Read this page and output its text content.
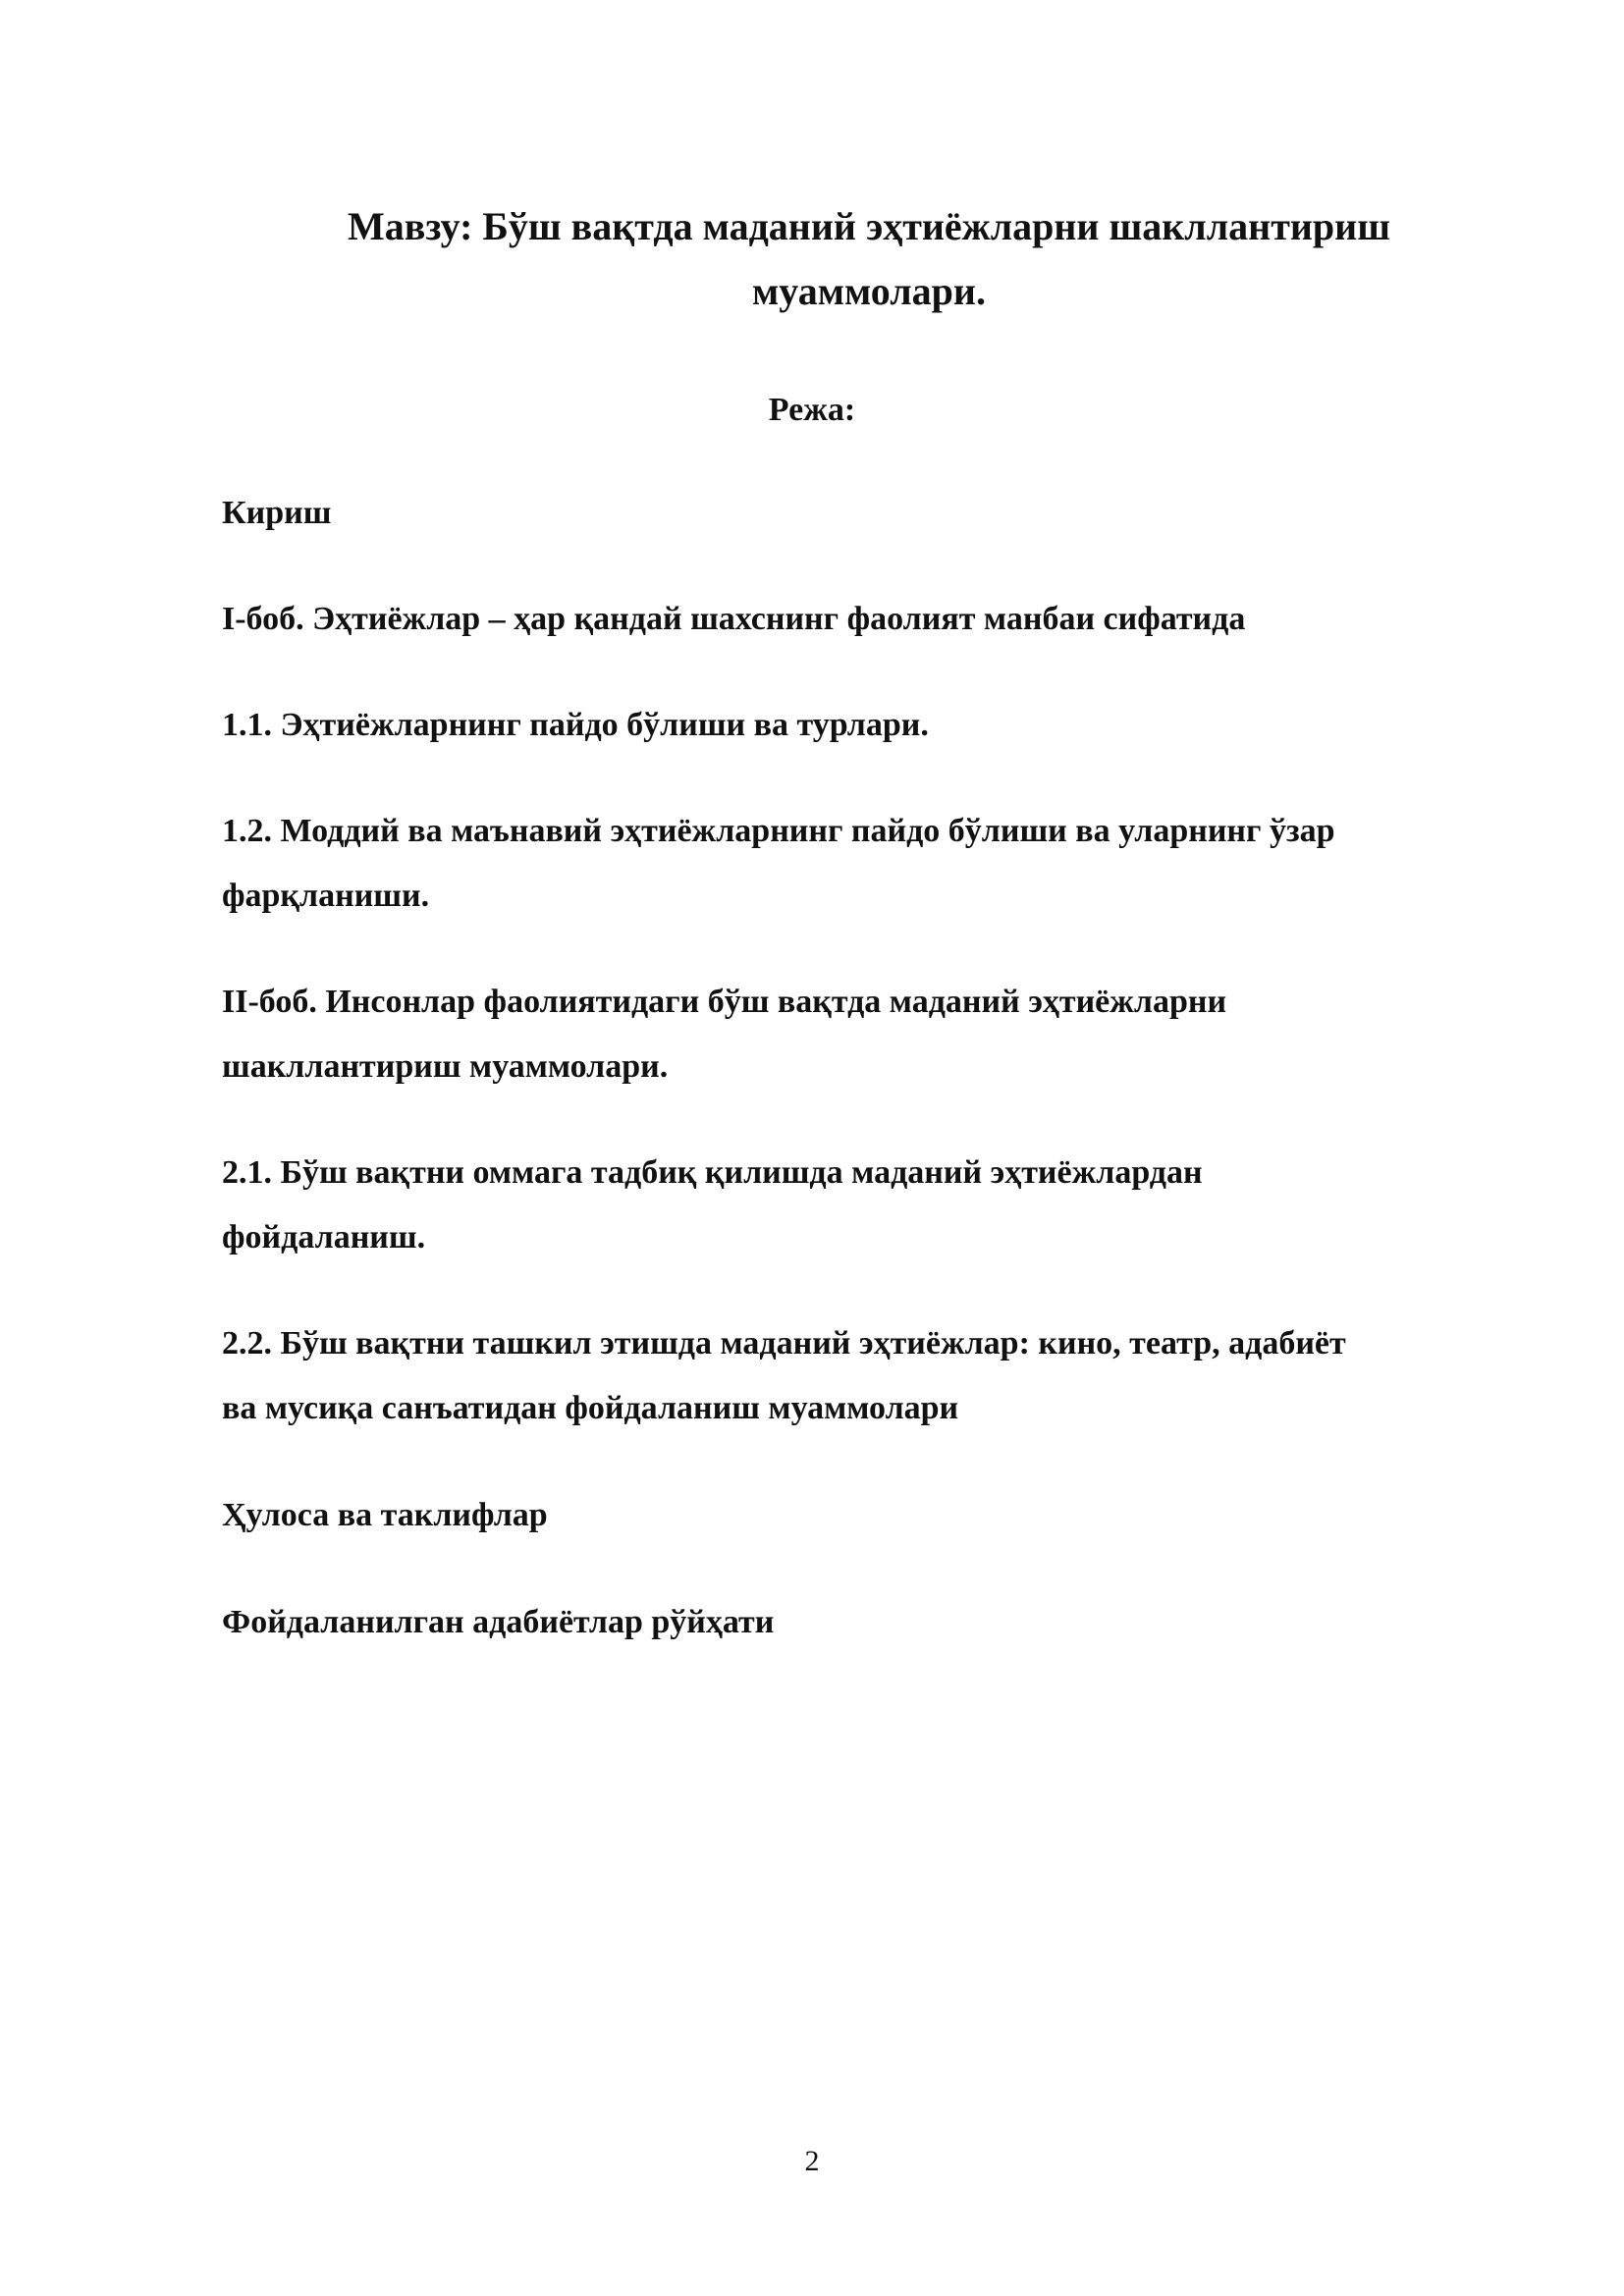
Мавзу: Бўш вақтда маданий эҳтиёжларни шакллантириш
муаммолари.
Режа:

Кириш

I-боб. Эҳтиёжлар – ҳар қандай шахснинг фаолият манбаи сифатида

1.1. Эҳтиёжларнинг пайдо бўлиши ва турлари.

1.2. Моддий ва маънавий эҳтиёжларнинг пайдо бўлиши ва уларнинг ўзар
фарқланиши.

II-боб. Инсонлар фаолиятидаги бўш вақтда маданий эҳтиёжларни
шакллантириш муаммолари.

2.1. Бўш вақтни оммага тадбиқ қилишда маданий эҳтиёжлардан
фойдаланиш.

2.2. Бўш вақтни ташкил этишда маданий эҳтиёжлар: кино, театр, адабиёт
ва мусиқа санъатидан фойдаланиш муаммолари

Ҳулоса ва таклифлар

Фойдаланилган адабиётлар рўйҳати

2
